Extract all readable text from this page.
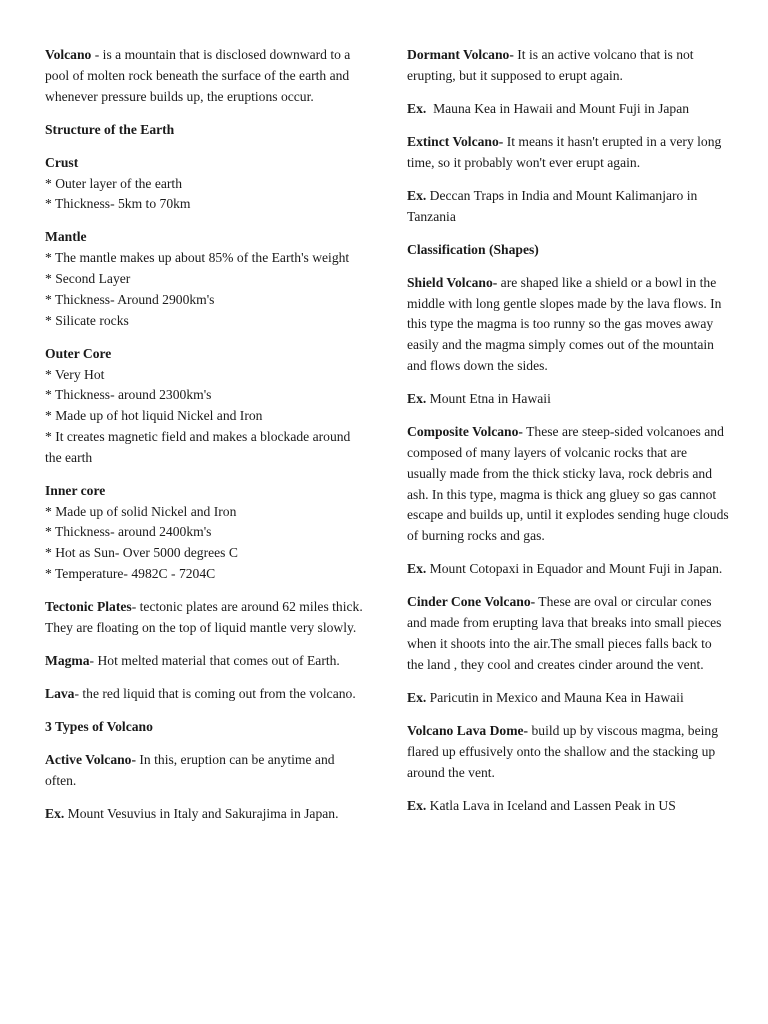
Volcano - is a mountain that is disclosed downward to a pool of molten rock beneath the surface of the earth and whenever pressure builds up, the eruptions occur.

Structure of the Earth

Crust
* Outer layer of the earth
* Thickness- 5km to 70km
Mantle
* The mantle makes up about 85% of the Earth's weight
* Second Layer
* Thickness- Around 2900km's
* Silicate rocks
Outer Core
* Very Hot
* Thickness- around 2300km's
* Made up of hot liquid Nickel and Iron
* It creates magnetic field and makes a blockade around the earth
Inner core
* Made up of solid Nickel and Iron
* Thickness- around 2400km's
* Hot as Sun- Over 5000 degrees C
* Temperature- 4982C - 7204C

Tectonic Plates- tectonic plates are around 62 miles thick. They are floating on the top of liquid mantle very slowly.

Magma- Hot melted material that comes out of Earth.

Lava- the red liquid that is coming out from the volcano.

3 Types of Volcano

Active Volcano- In this, eruption can be anytime and often.

Ex. Mount Vesuvius in Italy and Sakurajima in Japan.

Dormant Volcano- It is an active volcano that is not erupting, but it supposed to erupt again.

Ex.  Mauna Kea in Hawaii and Mount Fuji in Japan

Extinct Volcano- It means it hasn't erupted in a very long time, so it probably won't ever erupt again.

Ex. Deccan Traps in India and Mount Kalimanjaro in Tanzania

Classification (Shapes)

Shield Volcano- are shaped like a shield or a bowl in the middle with long gentle slopes made by the lava flows. In this type the magma is too runny so the gas moves away easily and the magma simply comes out of the mountain and flows down the sides.

Ex. Mount Etna in Hawaii

Composite Volcano- These are steep-sided volcanoes and composed of many layers of volcanic rocks that are usually made from the thick sticky lava, rock debris and ash. In this type, magma is thick ang gluey so gas cannot escape and builds up, until it explodes sending huge clouds of burning rocks and gas.

Ex. Mount Cotopaxi in Equador and Mount Fuji in Japan.

Cinder Cone Volcano- These are oval or circular cones and made from erupting lava that breaks into small pieces when it shoots into the air.The small pieces falls back to the land , they cool and creates cinder around the vent.

Ex. Paricutin in Mexico and Mauna Kea in Hawaii

Volcano Lava Dome- build up by viscous magma, being flared up effusively onto the shallow and the stacking up around the vent.

Ex. Katla Lava in Iceland and Lassen Peak in US
